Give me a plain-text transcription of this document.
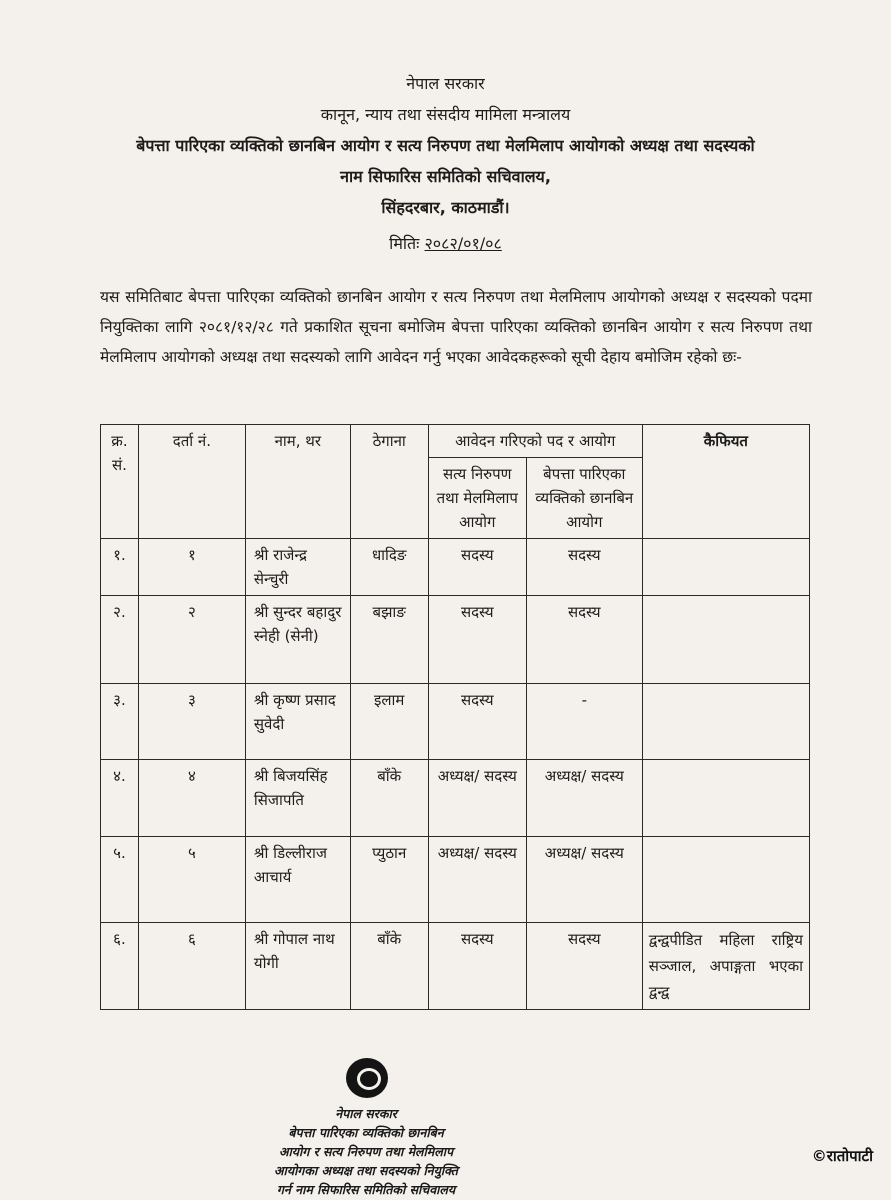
नेपाल सरकार
कानून, न्याय तथा संसदीय मामिला मन्त्रालय
बेपत्ता पारिएका व्यक्तिको छानबिन आयोग र सत्य निरुपण तथा मेलमिलाप आयोगको अध्यक्ष तथा सदस्यको
नाम सिफारिस समितिको सचिवालय,
सिंहदरबार, काठमाडौं।
मितिः २०८२/०१/०८
यस समितिबाट बेपत्ता पारिएका व्यक्तिको छानबिन आयोग र सत्य निरुपण तथा मेलमिलाप आयोगको अध्यक्ष र सदस्यको पदमा नियुक्तिका लागि २०८१/१२/२८ गते प्रकाशित सूचना बमोजिम बेपत्ता पारिएका व्यक्तिको छानबिन आयोग र सत्य निरुपण तथा मेलमिलाप आयोगको अध्यक्ष तथा सदस्यको लागि आवेदन गर्नु भएका आवेदकहरूको सूची देहाय बमोजिम रहेको छः-
क्र. सं.	दर्ता नं.	नाम, थर	ठेगाना	आवेदन गरिएको पद र आयोग		कैफियत
				सत्य निरुपण तथा मेलमिलाप आयोग	बेपत्ता पारिएका व्यक्तिको छानबिन आयोग	
१.	१	श्री राजेन्द्र सेन्चुरी	धादिङ	सदस्य	सदस्य	
२.	२	श्री सुन्दर बहादुर स्नेही (सेनी)	बझाङ	सदस्य	सदस्य	
३.	३	श्री कृष्ण प्रसाद सुवेदी	इलाम	सदस्य	-	
४.	४	श्री बिजयसिंह सिजापति	बाँके	अध्यक्ष/ सदस्य	अध्यक्ष/ सदस्य	
५.	५	श्री डिल्लीराज आचार्य	प्युठान	अध्यक्ष/ सदस्य	अध्यक्ष/ सदस्य	
६.	६	श्री गोपाल नाथ योगी	बाँके	सदस्य	सदस्य	द्वन्द्वपीडित महिला राष्ट्रिय सञ्जाल, अपाङ्गता भएका द्वन्द्व
नेपाल सरकार
बेपत्ता पारिएका व्यक्तिको छानबिन
आयोग र सत्य निरुपण तथा मेलमिलाप
आयोगका अध्यक्ष तथा सदस्यको नियुक्ति
गर्न नाम सिफारिस समितिको सचिवालय
©रातोपाटी
